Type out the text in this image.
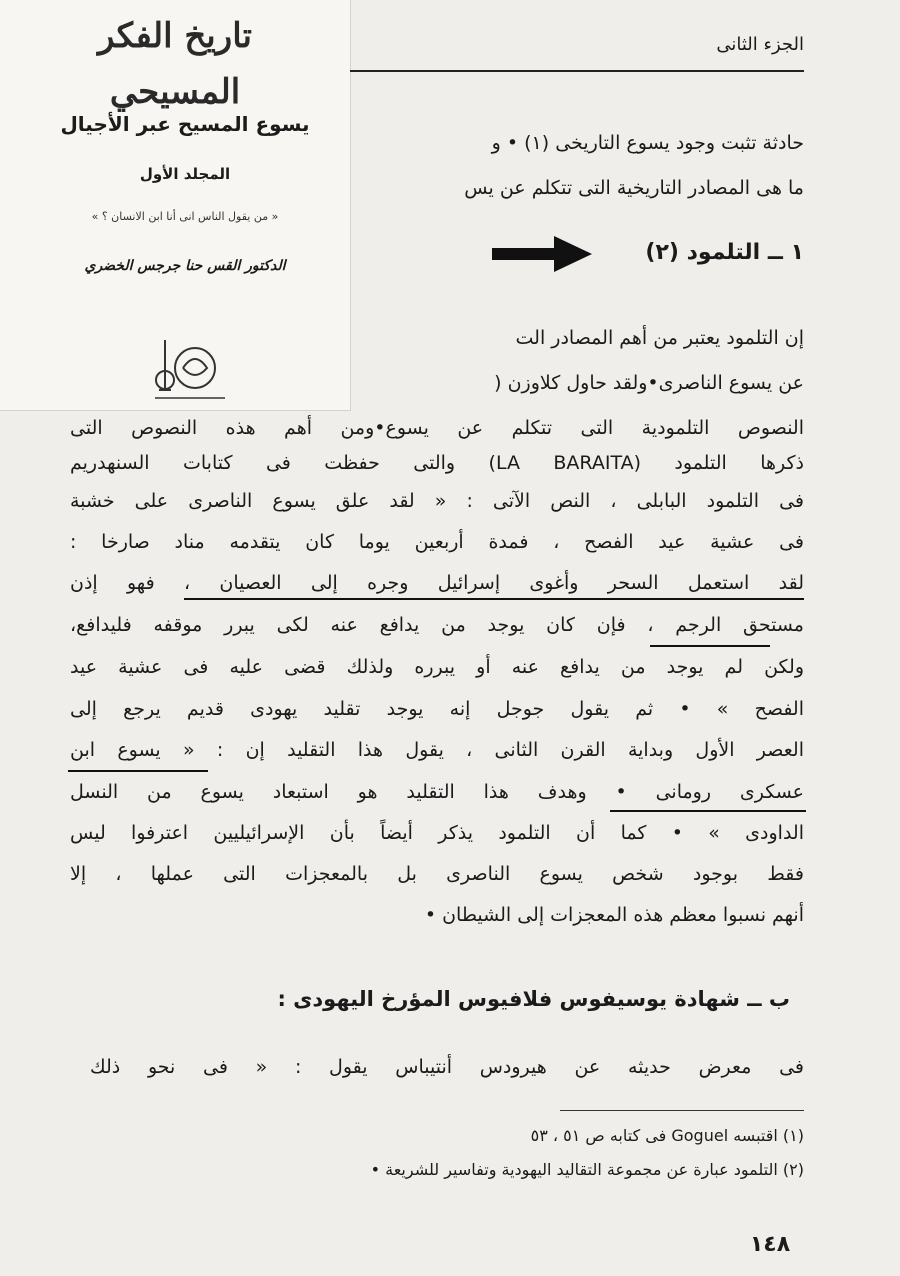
تاريخ الفكر المسيحي
يسوع المسيح عبر الأجيال
المجلد الأول
« من يقول الناس انى أنا ابن الانسان ؟ »
الدكتور القس حنا جرجس الخضري
الجزء الثانى
حادثة تثبت وجود يسوع التاريخى (١) • و
ما هى المصادر التاريخية التى تتكلم عن يس
١ ــ التلمود (٢)
إن التلمود يعتبر من أهم المصادر الت
عن يسوع الناصرى•ولقد حاول كلاوزن (
النصوص التلمودية التى تتكلم عن يسوع•ومن أهم هذه النصوص التى
ذكرها التلمود (LA BARAITA) والتى حفظت فى كتابات السنهدريم
فى التلمود البابلى ، النص الآتى : « لقد علق يسوع الناصرى على خشبة
فى عشية عيد الفصح ، فمدة أربعين يوما كان يتقدمه مناد صارخا :
لقد استعمل السحر وأغوى إسرائيل وجره إلى العصيان ، فهو إذن
مستحق الرجم ، فإن كان يوجد من يدافع عنه لكى يبرر موقفه فليدافع،
ولكن لم يوجد من يدافع عنه أو يبرره ولذلك قضى عليه فى عشية عيد
الفصح » • ثم يقول جوجل إنه يوجد تقليد يهودى قديم يرجع إلى
العصر الأول وبداية القرن الثانى ، يقول هذا التقليد إن : « يسوع ابن
عسكرى رومانى • وهدف هذا التقليد هو استبعاد يسوع من النسل
الداودى » • كما أن التلمود يذكر أيضاً بأن الإسرائيليين اعترفوا ليس
فقط بوجود شخص يسوع الناصرى بل بالمعجزات التى عملها ، إلا
أنهم نسبوا معظم هذه المعجزات إلى الشيطان •
ب ــ شهادة يوسيفوس فلافيوس المؤرخ اليهودى :
فى معرض حديثه عن هيرودس أنتيباس يقول : « فى نحو ذلك
(١) اقتبسه Goguel فى كتابه ص ٥١ ، ٥٣
(٢) التلمود عبارة عن مجموعة التقاليد اليهودية وتفاسير للشريعة •
١٤٨
